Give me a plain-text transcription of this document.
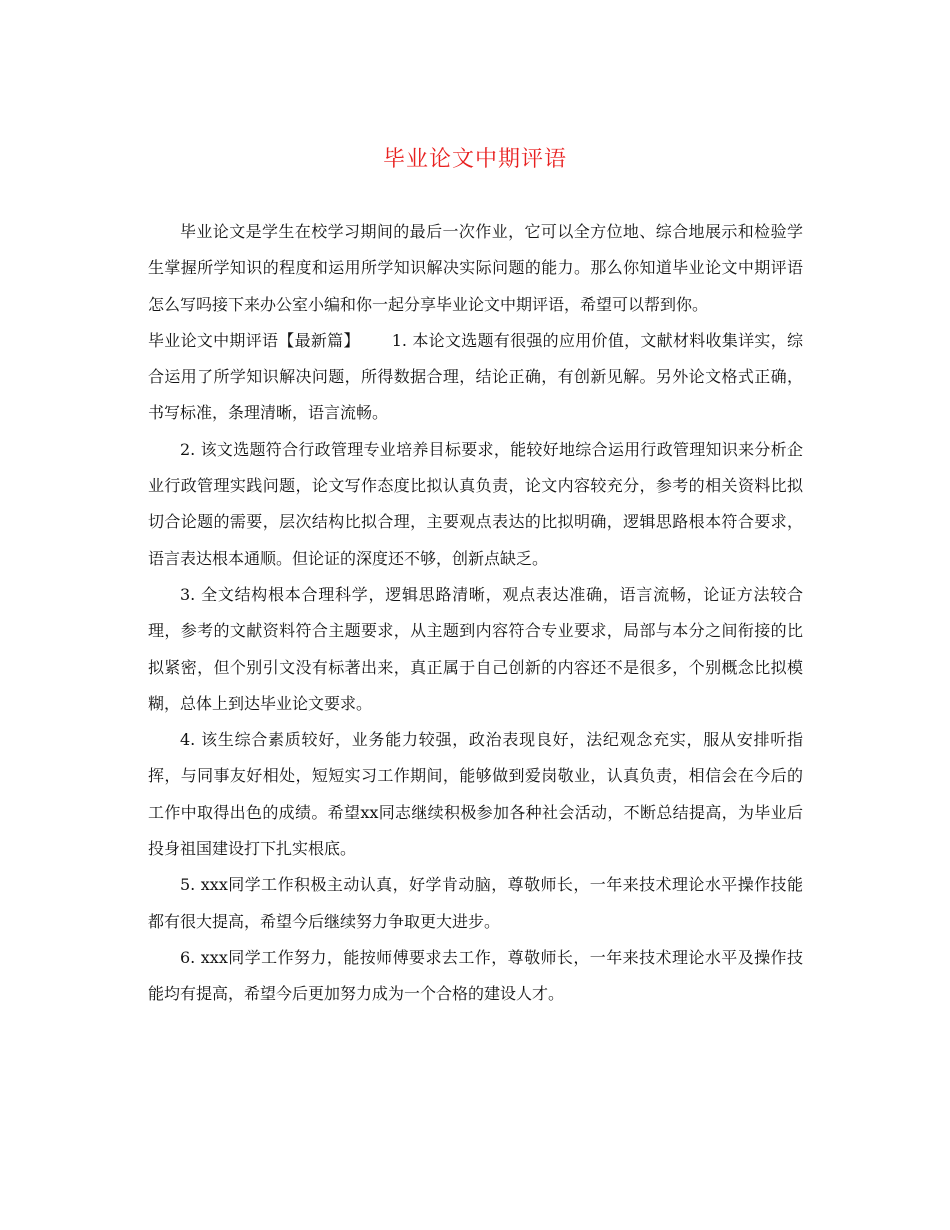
毕业论文中期评语

毕业论文是学生在校学习期间的最后一次作业，它可以全方位地、综合地展示和检验学生掌握所学知识的程度和运用所学知识解决实际问题的能力。那么你知道毕业论文中期评语怎么写吗接下来办公室小编和你一起分享毕业论文中期评语，希望可以帮到你。

毕业论文中期评语【最新篇】 1. 本论文选题有很强的应用价值，文献材料收集详实，综合运用了所学知识解决问题，所得数据合理，结论正确，有创新见解。另外论文格式正确，书写标准，条理清晰，语言流畅。

2. 该文选题符合行政管理专业培养目标要求，能较好地综合运用行政管理知识来分析企业行政管理实践问题，论文写作态度比拟认真负责，论文内容较充分，参考的相关资料比拟切合论题的需要，层次结构比拟合理，主要观点表达的比拟明确，逻辑思路根本符合要求，语言表达根本通顺。但论证的深度还不够，创新点缺乏。

3. 全文结构根本合理科学，逻辑思路清晰，观点表达准确，语言流畅，论证方法较合理，参考的文献资料符合主题要求，从主题到内容符合专业要求，局部与本分之间衔接的比拟紧密，但个别引文没有标著出来，真正属于自己创新的内容还不是很多，个别概念比拟模糊，总体上到达毕业论文要求。

4. 该生综合素质较好，业务能力较强，政治表现良好，法纪观念充实，服从安排听指挥，与同事友好相处，短短实习工作期间，能够做到爱岗敬业，认真负责，相信会在今后的工作中取得出色的成绩。希望xx同志继续积极参加各种社会活动，不断总结提高，为毕业后投身祖国建设打下扎实根底。

5. xxx同学工作积极主动认真，好学肯动脑，尊敬师长，一年来技术理论水平操作技能都有很大提高，希望今后继续努力争取更大进步。

6. xxx同学工作努力，能按师傅要求去工作，尊敬师长，一年来技术理论水平及操作技能均有提高，希望今后更加努力成为一个合格的建设人才。
